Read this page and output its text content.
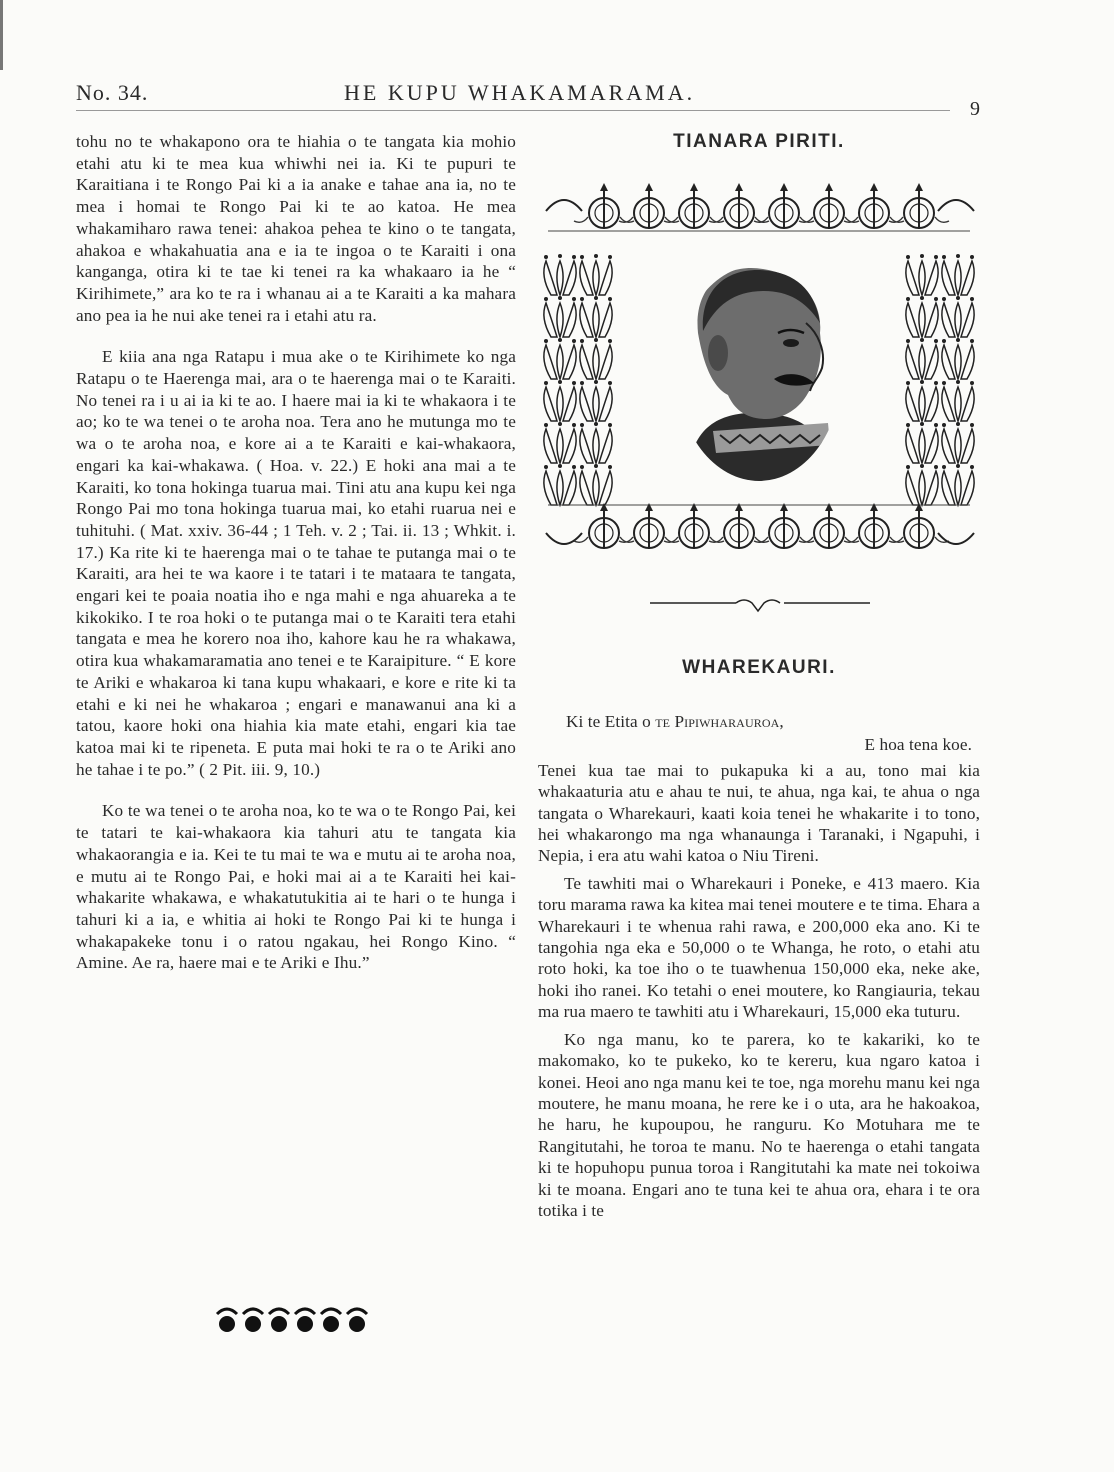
No. 34.	HE KUPU WHAKAMARAMA.
9

tohu no te whakapono ora te hiahia o te tangata kia mohio etahi atu ki te mea kua whiwhi nei ia. Ki te pupuri te Karaitiana i te Rongo Pai ki a ia anake e tahae ana ia, no te mea i homai te Rongo Pai ki te ao katoa. He mea whakamiharo rawa tenei: ahakoa pehea te kino o te tangata, ahakoa e whakahuatia ana e ia te ingoa o te Karaiti i ona kanganga, otira ki te tae ki tenei ra ka whakaaro ia he “ Kirihimete,” ara ko te ra i whanau ai a te Karaiti a ka mahara ano pea ia he nui ake tenei ra i etahi atu ra.

E kiia ana nga Ratapu i mua ake o te Kirihimete ko nga Ratapu o te Haerenga mai, ara o te haerenga mai o te Karaiti. No tenei ra i u ai ia ki te ao. I haere mai ia ki te whakaora i te ao; ko te wa tenei o te aroha noa. Tera ano he mutunga mo te wa o te aroha noa, e kore ai a te Karaiti e kai-whakaora, engari ka kai-whakawa. ( Hoa. v. 22.) E hoki ana mai a te Karaiti, ko tona hokinga tuarua mai. Tini atu ana kupu kei nga Rongo Pai mo tona hokinga tuarua mai, ko etahi ruarua nei e tuhituhi. ( Mat. xxiv. 36-44 ; 1 Teh. v. 2 ; Tai. ii. 13 ; Whkit. i. 17.) Ka rite ki te haerenga mai o te tahae te putanga mai o te Karaiti, ara hei te wa kaore i te tatari i te mataara te tangata, engari kei te poaia noatia iho e nga mahi e nga ahuareka a te kikokiko. I te roa hoki o te putanga mai o te Karaiti tera etahi tangata e mea he korero noa iho, kahore kau he ra whakawa, otira kua whakamaramatia ano tenei e te Karaipiture. “ E kore te Ariki e whakaroa ki tana kupu whakaari, e kore e rite ki ta etahi e ki nei he whakaroa ; engari e manawanui ana ki a tatou, kaore hoki ona hiahia kia mate etahi, engari kia tae katoa mai ki te ripeneta. E puta mai hoki te ra o te Ariki ano he tahae i te po.” ( 2 Pit. iii. 9, 10.)

Ko te wa tenei o te aroha noa, ko te wa o te Rongo Pai, kei te tatari te kai-whakaora kia tahuri atu te tangata kia whakaorangia e ia. Kei te tu mai te wa e mutu ai te aroha noa, e mutu ai te Rongo Pai, e hoki mai ai a te Karaiti hei kai-whakarite whakawa, e whakatutukitia ai te hari o te hunga i tahuri ki a ia, e whitia ai hoki te Rongo Pai ki te hunga i whakapakeke tonu i o ratou ngakau, hei Rongo Kino. “ Amine. Ae ra, haere mai e te Ariki e Ihu.”

TIANARA PIRITI.
WHAREKAURI.

Ki te Etita o te Pipiwharauroa,

E hoa tena koe.

Tenei kua tae mai to pukapuka ki a au, tono mai kia whakaaturia atu e ahau te nui, te ahua, nga kai, te ahua o nga tangata o Wharekauri, kaati koia tenei he whakarite i to tono, hei whakarongo ma nga whanaunga i Taranaki, i Ngapuhi, i Nepia, i era atu wahi katoa o Niu Tireni.

Te tawhiti mai o Wharekauri i Poneke, e 413 maero. Kia toru marama rawa ka kitea mai tenei moutere e te tima. Ehara a Wharekauri i te whenua rahi rawa, e 200,000 eka ano. Ki te tangohia nga eka e 50,000 o te Whanga, he roto, o etahi atu roto hoki, ka toe iho o te tuawhenua 150,000 eka, neke ake, hoki iho ranei. Ko tetahi o enei moutere, ko Rangiauria, tekau ma rua maero te tawhiti atu i Wharekauri, 15,000 eka tuturu.

Ko nga manu, ko te parera, ko te kakariki, ko te makomako, ko te pukeko, ko te kereru, kua ngaro katoa i konei. Heoi ano nga manu kei te toe, nga morehu manu kei nga moutere, he manu moana, he rere ke i o uta, ara he hakoakoa, he haru, he kupoupou, he ranguru. Ko Motuhara me te Rangitutahi, he toroa te manu. No te haerenga o etahi tangata ki te hopuhopu punua toroa i Rangitutahi ka mate nei tokoiwa ki te moana. Engari ano te tuna kei te ahua ora, ehara i te ora totika i te
